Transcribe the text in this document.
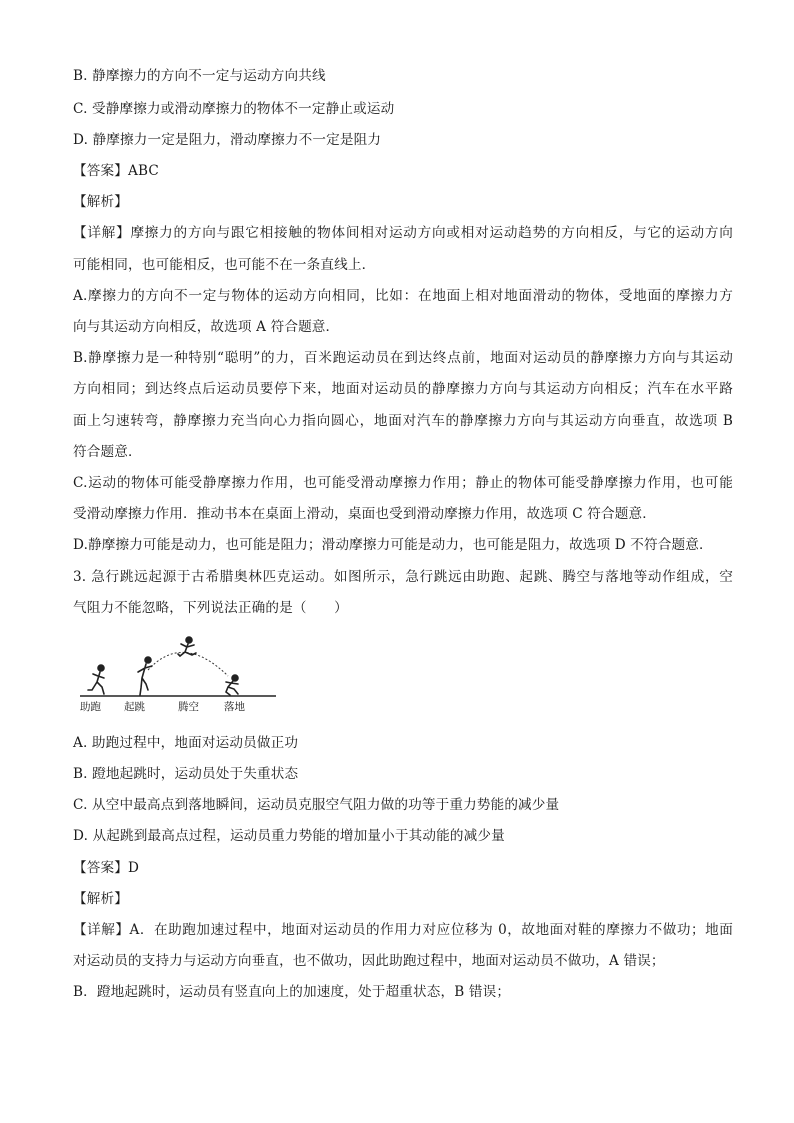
B. 静摩擦力的方向不一定与运动方向共线
C. 受静摩擦力或滑动摩擦力的物体不一定静止或运动
D. 静摩擦力一定是阻力，滑动摩擦力不一定是阻力
【答案】ABC
【解析】
【详解】摩擦力的方向与跟它相接触的物体间相对运动方向或相对运动趋势的方向相反，与它的运动方向
可能相同，也可能相反，也可能不在一条直线上．
A.摩擦力的方向不一定与物体的运动方向相同，比如：在地面上相对地面滑动的物体，受地面的摩擦力方
向与其运动方向相反，故选项 A 符合题意．
B.静摩擦力是一种特别“聪明”的力，百米跑运动员在到达终点前，地面对运动员的静摩擦力方向与其运动
方向相同；到达终点后运动员要停下来，地面对运动员的静摩擦力方向与其运动方向相反；汽车在水平路
面上匀速转弯，静摩擦力充当向心力指向圆心，地面对汽车的静摩擦力方向与其运动方向垂直，故选项 B
符合题意．
C.运动的物体可能受静摩擦力作用，也可能受滑动摩擦力作用；静止的物体可能受静摩擦力作用，也可能
受滑动摩擦力作用．推动书本在桌面上滑动，桌面也受到滑动摩擦力作用，故选项 C 符合题意．
D.静摩擦力可能是动力，也可能是阻力；滑动摩擦力可能是动力，也可能是阻力，故选项 D 不符合题意．
3. 急行跳远起源于古希腊奥林匹克运动。如图所示，急行跳远由助跑、起跳、腾空与落地等动作组成，空
气阻力不能忽略，下列说法正确的是（　　）
助跑 起跳	腾空 落地
A. 助跑过程中，地面对运动员做正功
B. 蹬地起跳时，运动员处于失重状态
C. 从空中最高点到落地瞬间，运动员克服空气阻力做的功等于重力势能的减少量
D. 从起跳到最高点过程，运动员重力势能的增加量小于其动能的减少量
【答案】D
【解析】
【详解】A．在助跑加速过程中，地面对运动员的作用力对应位移为 0，故地面对鞋的摩擦力不做功；地面
对运动员的支持力与运动方向垂直，也不做功，因此助跑过程中，地面对运动员不做功，A 错误；
B．蹬地起跳时，运动员有竖直向上的加速度，处于超重状态，B 错误；
